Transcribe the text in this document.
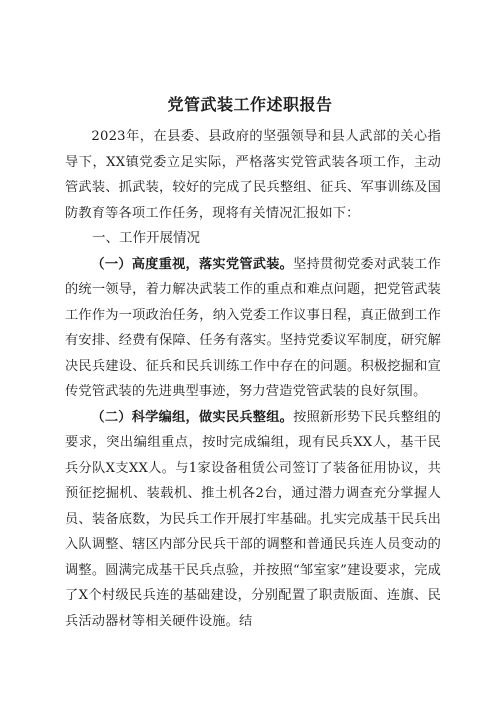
党管武装工作述职报告

2023年，在县委、县政府的坚强领导和县人武部的关心指导下，XX镇党委立足实际，严格落实党管武装各项工作，主动管武装、抓武装，较好的完成了民兵整组、征兵、军事训练及国防教育等各项工作任务，现将有关情况汇报如下：

一、工作开展情况

（一）高度重视，落实党管武装。坚持贯彻党委对武装工作的统一领导，着力解决武装工作的重点和难点问题，把党管武装工作作为一项政治任务，纳入党委工作议事日程，真正做到工作有安排、经费有保障、任务有落实。坚持党委议军制度，研究解决民兵建设、征兵和民兵训练工作中存在的问题。积极挖掘和宣传党管武装的先进典型事迹，努力营造党管武装的良好氛围。

（二）科学编组，做实民兵整组。按照新形势下民兵整组的要求，突出编组重点，按时完成编组，现有民兵XX人，基干民兵分队X支XX人。与1家设备租赁公司签订了装备征用协议，共预征挖掘机、装载机、推土机各2台，通过潜力调查充分掌握人员、装备底数，为民兵工作开展打牢基础。扎实完成基干民兵出入队调整、辖区内部分民兵干部的调整和普通民兵连人员变动的调整。圆满完成基干民兵点验，并按照“邹室家”建设要求，完成了X个村级民兵连的基础建设，分别配置了职责版面、连旗、民兵活动器材等相关硬件设施。结
